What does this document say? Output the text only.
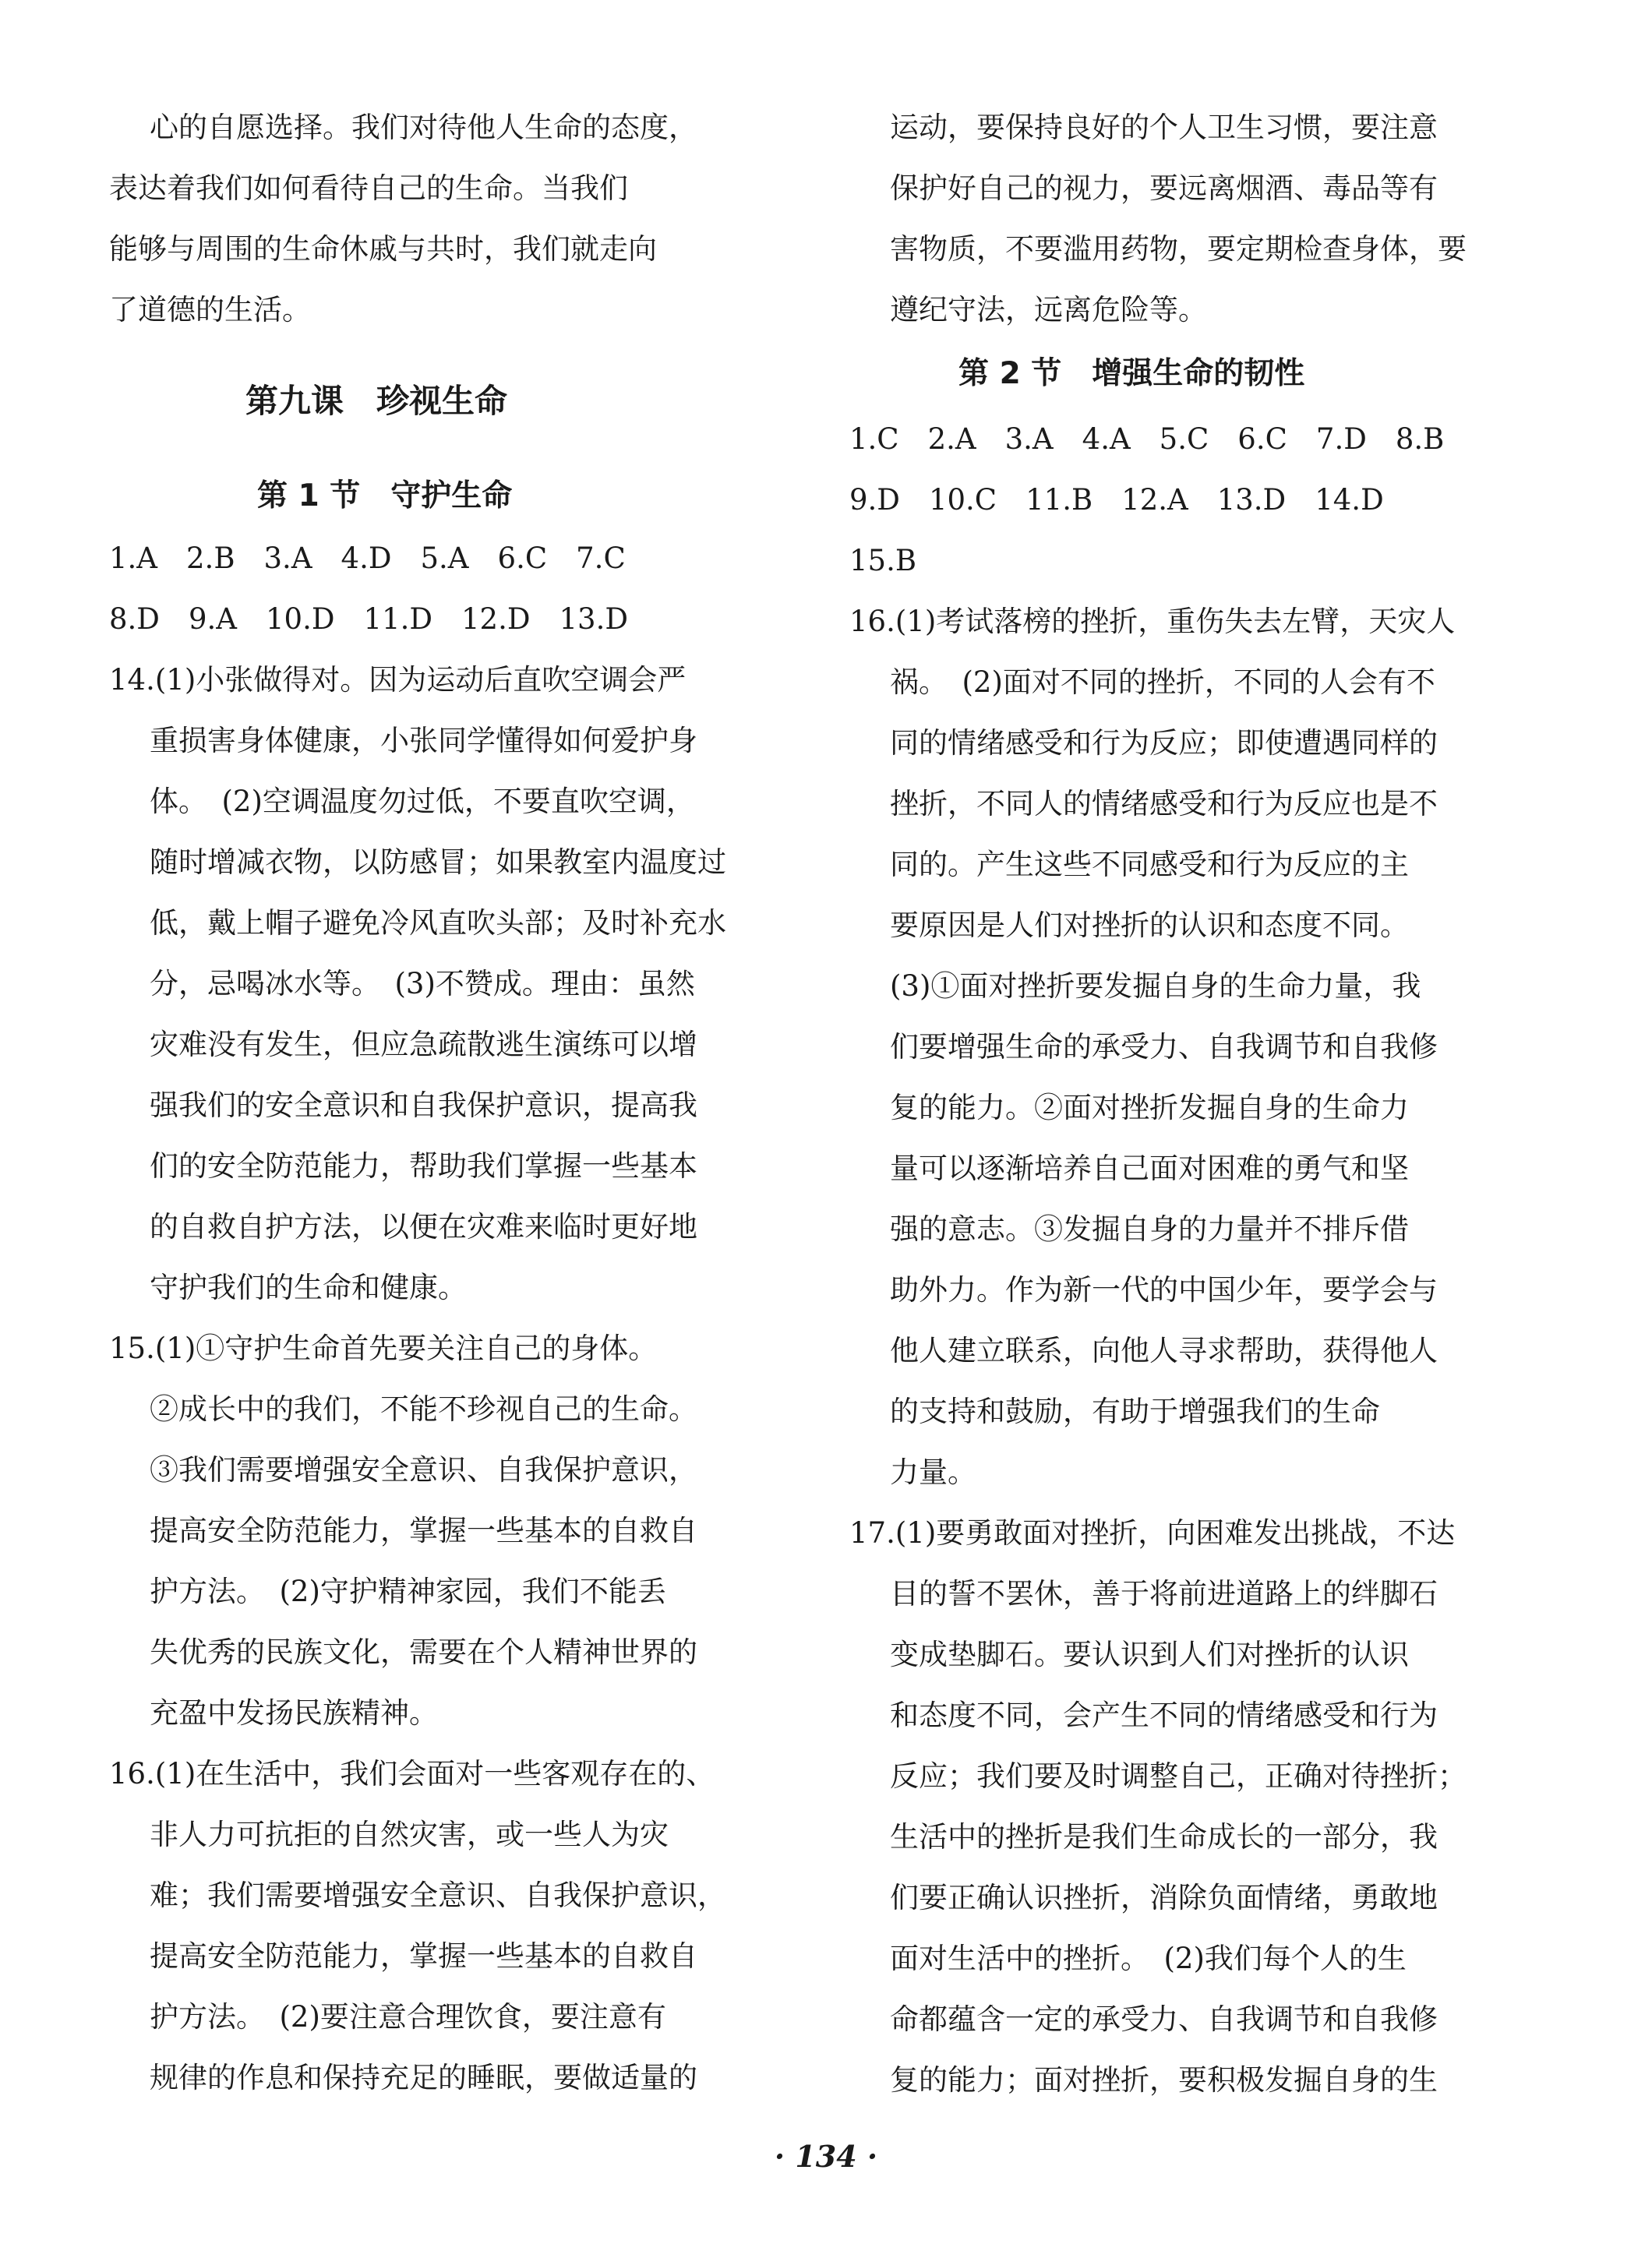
心的自愿选择。我们对待他人生命的态度，
表达着我们如何看待自己的生命。当我们
能够与周围的生命休戚与共时，我们就走向
了道德的生活。
第九课　珍视生命
第 1 节　守护生命
1.A　2.B　3.A　4.D　5.A　6.C　7.C
8.D　9.A　10.D　11.D　12.D　13.D
14.(1)小张做得对。因为运动后直吹空调会严
重损害身体健康，小张同学懂得如何爱护身
体。　(2)空调温度勿过低，不要直吹空调，
随时增减衣物，以防感冒；如果教室内温度过
低，戴上帽子避免冷风直吹头部；及时补充水
分，忌喝冰水等。　(3)不赞成。理由：虽然
灾难没有发生，但应急疏散逃生演练可以增
强我们的安全意识和自我保护意识，提高我
们的安全防范能力，帮助我们掌握一些基本
的自救自护方法，以便在灾难来临时更好地
守护我们的生命和健康。
15.(1)①守护生命首先要关注自己的身体。
②成长中的我们，不能不珍视自己的生命。
③我们需要增强安全意识、自我保护意识，
提高安全防范能力，掌握一些基本的自救自
护方法。　(2)守护精神家园，我们不能丢
失优秀的民族文化，需要在个人精神世界的
充盈中发扬民族精神。
16.(1)在生活中，我们会面对一些客观存在的、
非人力可抗拒的自然灾害，或一些人为灾
难；我们需要增强安全意识、自我保护意识，
提高安全防范能力，掌握一些基本的自救自
护方法。　(2)要注意合理饮食，要注意有
规律的作息和保持充足的睡眠，要做适量的
运动，要保持良好的个人卫生习惯，要注意
保护好自己的视力，要远离烟酒、毒品等有
害物质，不要滥用药物，要定期检查身体，要
遵纪守法，远离危险等。
第 2 节　增强生命的韧性
1.C　2.A　3.A　4.A　5.C　6.C　7.D　8.B
9.D　10.C　11.B　12.A　13.D　14.D
15.B
16.(1)考试落榜的挫折，重伤失去左臂，天灾人
祸。　(2)面对不同的挫折，不同的人会有不
同的情绪感受和行为反应；即使遭遇同样的
挫折，不同人的情绪感受和行为反应也是不
同的。产生这些不同感受和行为反应的主
要原因是人们对挫折的认识和态度不同。
(3)①面对挫折要发掘自身的生命力量，我
们要增强生命的承受力、自我调节和自我修
复的能力。②面对挫折发掘自身的生命力
量可以逐渐培养自己面对困难的勇气和坚
强的意志。③发掘自身的力量并不排斥借
助外力。作为新一代的中国少年，要学会与
他人建立联系，向他人寻求帮助，获得他人
的支持和鼓励，有助于增强我们的生命
力量。
17.(1)要勇敢面对挫折，向困难发出挑战，不达
目的誓不罢休，善于将前进道路上的绊脚石
变成垫脚石。要认识到人们对挫折的认识
和态度不同，会产生不同的情绪感受和行为
反应；我们要及时调整自己，正确对待挫折；
生活中的挫折是我们生命成长的一部分，我
们要正确认识挫折，消除负面情绪，勇敢地
面对生活中的挫折。　(2)我们每个人的生
命都蕴含一定的承受力、自我调节和自我修
复的能力；面对挫折，要积极发掘自身的生
· 134 ·
